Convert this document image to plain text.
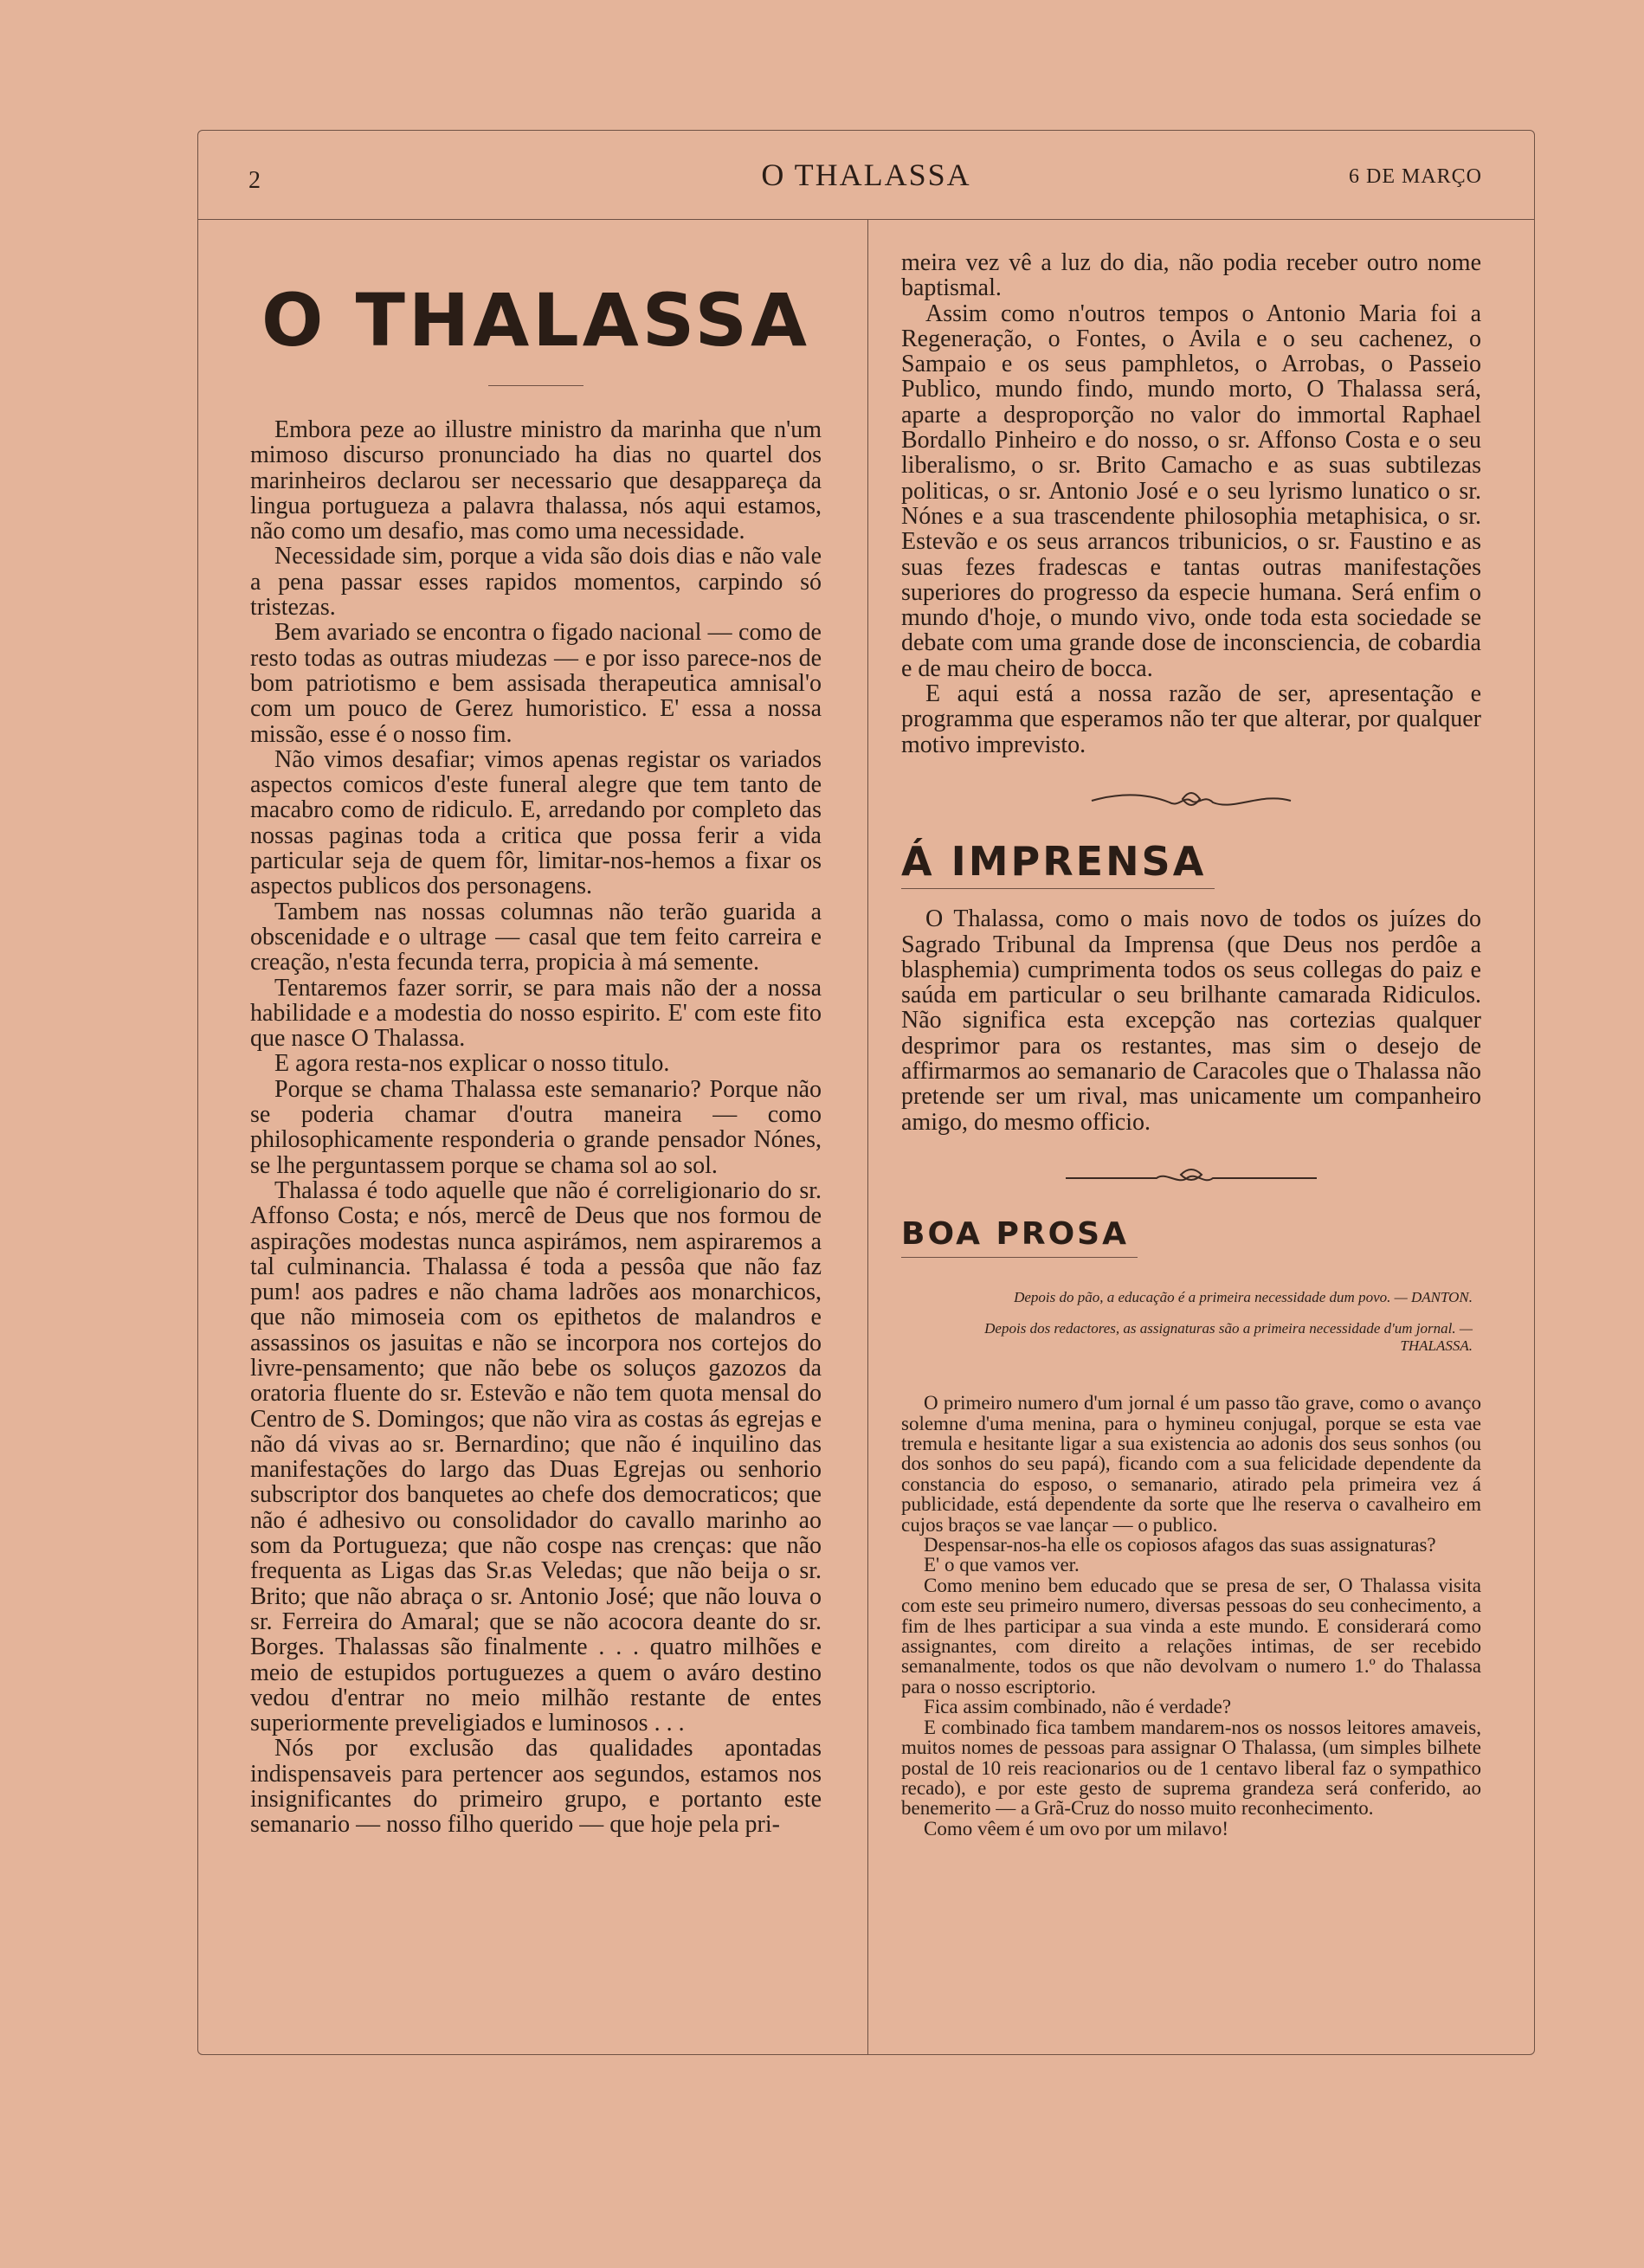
2	O THALASSA	6 DE MARÇO
O THALASSA

Embora peze ao illustre ministro da marinha que n'um mimoso discurso pronunciado ha dias no quartel dos marinheiros declarou ser necessario que desappareça da lingua portugueza a palavra thalassa, nós aqui estamos, não como um desafio, mas como uma necessidade.

Necessidade sim, porque a vida são dois dias e não vale a pena passar esses rapidos momentos, carpindo só tristezas.

Bem avariado se encontra o figado nacional — como de resto todas as outras miudezas — e por isso parece-nos de bom patriotismo e bem assisada therapeutica amnisal'o com um pouco de Gerez humoristico. E' essa a nossa missão, esse é o nosso fim.

Não vimos desafiar; vimos apenas registar os variados aspectos comicos d'este funeral alegre que tem tanto de macabro como de ridiculo. E, arredando por completo das nossas paginas toda a critica que possa ferir a vida particular seja de quem fôr, limitar-nos-hemos a fixar os aspectos publicos dos personagens.

Tambem nas nossas columnas não terão guarida a obscenidade e o ultrage — casal que tem feito carreira e creação, n'esta fecunda terra, propicia à má semente.

Tentaremos fazer sorrir, se para mais não der a nossa habilidade e a modestia do nosso espirito. E' com este fito que nasce O Thalassa.

E agora resta-nos explicar o nosso titulo.

Porque se chama Thalassa este semanario? Porque não se poderia chamar d'outra maneira — como philosophicamente responderia o grande pensador Nónes, se lhe perguntassem porque se chama sol ao sol.

Thalassa é todo aquelle que não é correligionario do sr. Affonso Costa; e nós, mercê de Deus que nos formou de aspirações modestas nunca aspirámos, nem aspiraremos a tal culminancia. Thalassa é toda a pessôa que não faz pum! aos padres e não chama ladrões aos monarchicos, que não mimoseia com os epithetos de malandros e assassinos os jasuitas e não se incorpora nos cortejos do livre-pensamento; que não bebe os soluços gazozos da oratoria fluente do sr. Estevão e não tem quota mensal do Centro de S. Domingos; que não vira as costas ás egrejas e não dá vivas ao sr. Bernardino; que não é inquilino das manifestações do largo das Duas Egrejas ou senhorio subscriptor dos banquetes ao chefe dos democraticos; que não é adhesivo ou consolidador do cavallo marinho ao som da Portugueza; que não cospe nas crenças: que não frequenta as Ligas das Sr.as Veledas; que não beija o sr. Brito; que não abraça o sr. Antonio José; que não louva o sr. Ferreira do Amaral; que se não acocora deante do sr. Borges. Thalassas são finalmente . . . quatro milhões e meio de estupidos portuguezes a quem o aváro destino vedou d'entrar no meio milhão restante de entes superiormente preveligiados e luminosos . . .

Nós por exclusão das qualidades apontadas indispensaveis para pertencer aos segundos, estamos nos insignificantes do primeiro grupo, e portanto este semanario — nosso filho querido — que hoje pela pri-

meira vez vê a luz do dia, não podia receber outro nome baptismal.

Assim como n'outros tempos o Antonio Maria foi a Regeneração, o Fontes, o Avila e o seu cachenez, o Sampaio e os seus pamphletos, o Arrobas, o Passeio Publico, mundo findo, mundo morto, O Thalassa será, aparte a desproporção no valor do immortal Raphael Bordallo Pinheiro e do nosso, o sr. Affonso Costa e o seu liberalismo, o sr. Brito Camacho e as suas subtilezas politicas, o sr. Antonio José e o seu lyrismo lunatico o sr. Nónes e a sua trascendente philosophia metaphisica, o sr. Estevão e os seus arrancos tribunicios, o sr. Faustino e as suas fezes fradescas e tantas outras manifestações superiores do progresso da especie humana. Será enfim o mundo d'hoje, o mundo vivo, onde toda esta sociedade se debate com uma grande dose de inconsciencia, de cobardia e de mau cheiro de bocca.

E aqui está a nossa razão de ser, apresentação e programma que esperamos não ter que alterar, por qualquer motivo imprevisto.

Á IMPRENSA

O Thalassa, como o mais novo de todos os juízes do Sagrado Tribunal da Imprensa (que Deus nos perdôe a blasphemia) cumprimenta todos os seus collegas do paiz e saúda em particular o seu brilhante camarada Ridiculos. Não significa esta excepção nas cortezias qualquer desprimor para os restantes, mas sim o desejo de affirmarmos ao semanario de Caracoles que o Thalassa não pretende ser um rival, mas unicamente um companheiro amigo, do mesmo officio.

BOA PROSA

Depois do pão, a educação é a primeira necessidade dum povo. — DANTON.

Depois dos redactores, as assignaturas são a primeira necessidade d'um jornal. — THALASSA.

O primeiro numero d'um jornal é um passo tão grave, como o avanço solemne d'uma menina, para o hymineu conjugal, porque se esta vae tremula e hesitante ligar a sua existencia ao adonis dos seus sonhos (ou dos sonhos do seu papá), ficando com a sua felicidade dependente da constancia do esposo, o semanario, atirado pela primeira vez á publicidade, está dependente da sorte que lhe reserva o cavalheiro em cujos braços se vae lançar — o publico.

Despensar-nos-ha elle os copiosos afagos das suas assignaturas?

E' o que vamos ver.

Como menino bem educado que se presa de ser, O Thalassa visita com este seu primeiro numero, diversas pessoas do seu conhecimento, a fim de lhes participar a sua vinda a este mundo. E considerará como assignantes, com direito a relações intimas, de ser recebido semanalmente, todos os que não devolvam o numero 1.º do Thalassa para o nosso escriptorio.

Fica assim combinado, não é verdade?

E combinado fica tambem mandarem-nos os nossos leitores amaveis, muitos nomes de pessoas para assignar O Thalassa, (um simples bilhete postal de 10 reis reacionarios ou de 1 centavo liberal faz o sympathico recado), e por este gesto de suprema grandeza será conferido, ao benemerito — a Grã-Cruz do nosso muito reconhecimento.

Como vêem é um ovo por um milavo!
